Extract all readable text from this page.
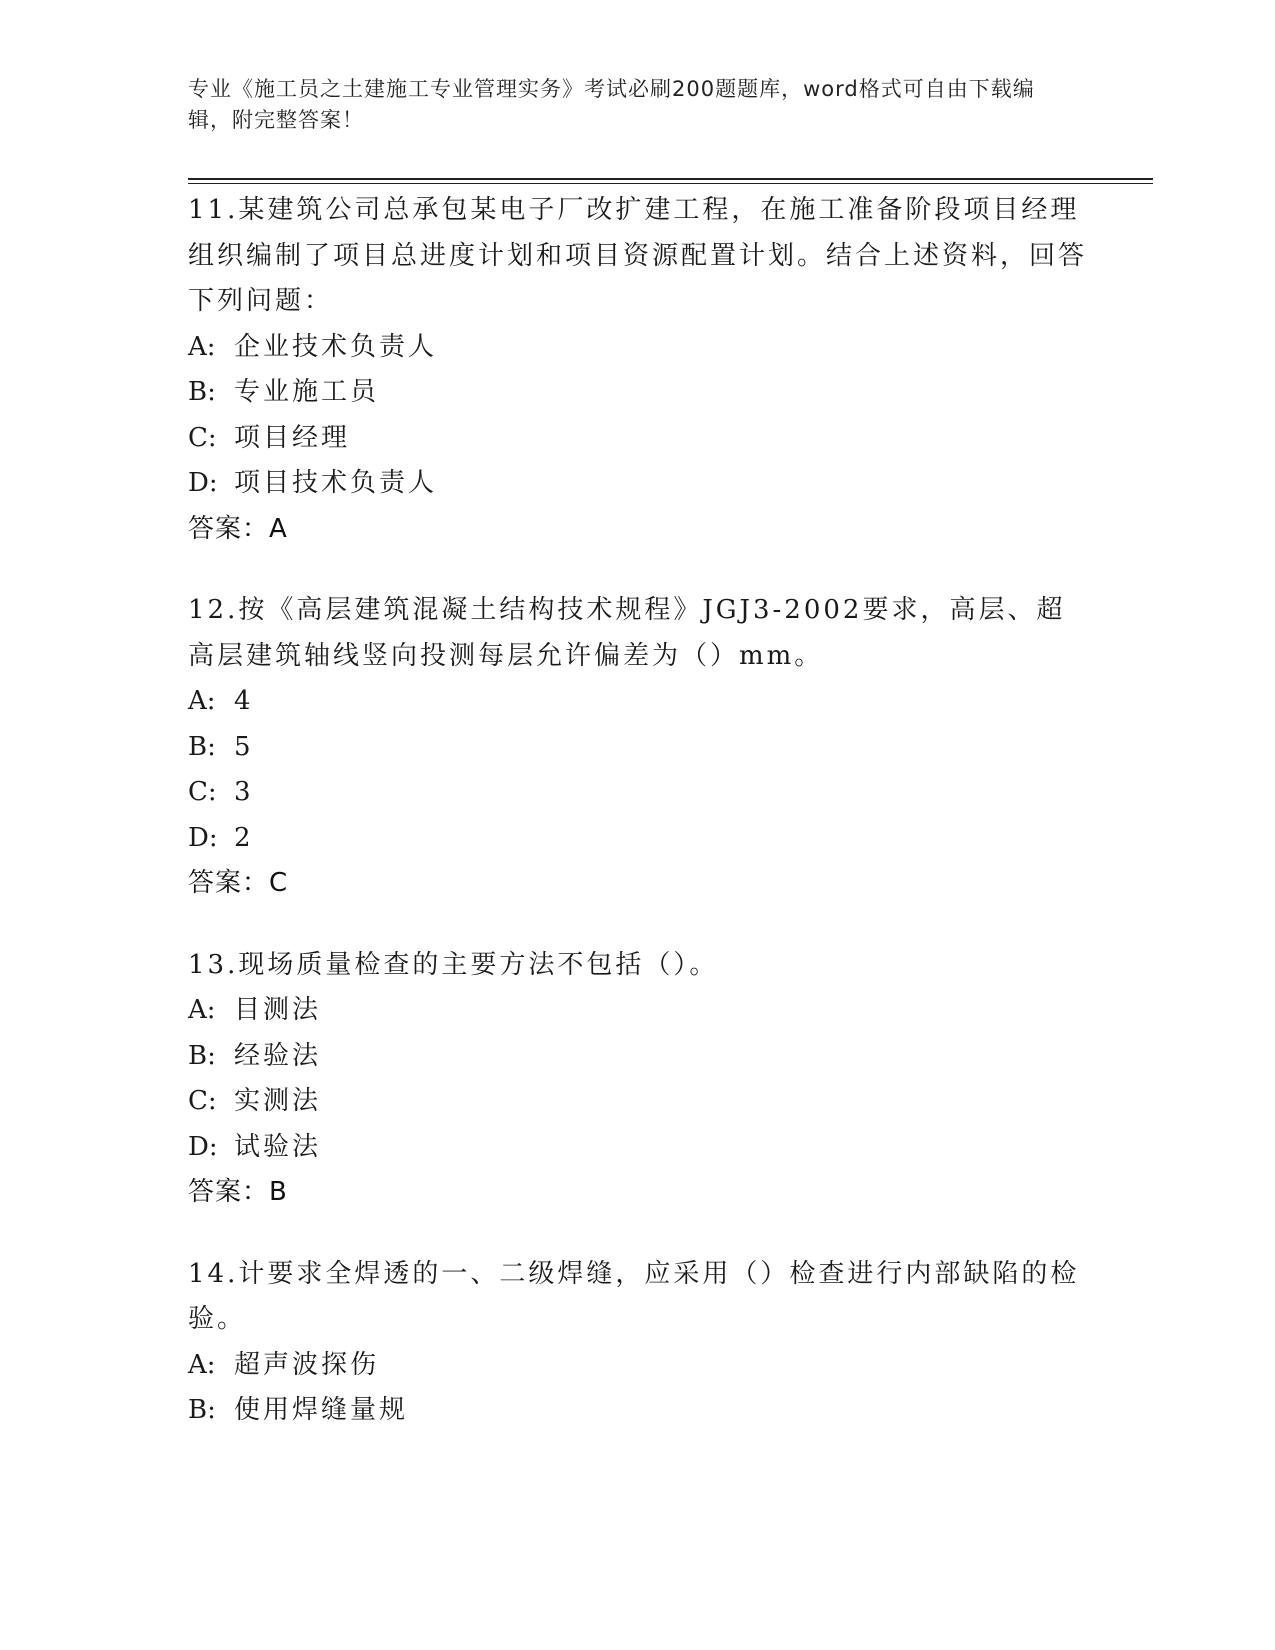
专业《施工员之土建施工专业管理实务》考试必刷200题题库，word格式可自由下载编辑，附完整答案！

11.某建筑公司总承包某电子厂改扩建工程，在施工准备阶段项目经理组织编制了项目总进度计划和项目资源配置计划。结合上述资料，回答下列问题：

A: 企业技术负责人

B: 专业施工员

C: 项目经理

D: 项目技术负责人

答案：A

12.按《高层建筑混凝土结构技术规程》JGJ3-2002要求，高层、超高层建筑轴线竖向投测每层允许偏差为（）mm。

A: 4

B: 5

C: 3

D: 2

答案：C

13.现场质量检查的主要方法不包括（）。

A: 目测法

B: 经验法

C: 实测法

D: 试验法

答案：B

14.计要求全焊透的一、二级焊缝，应采用（）检查进行内部缺陷的检验。

A: 超声波探伤

B: 使用焊缝量规
